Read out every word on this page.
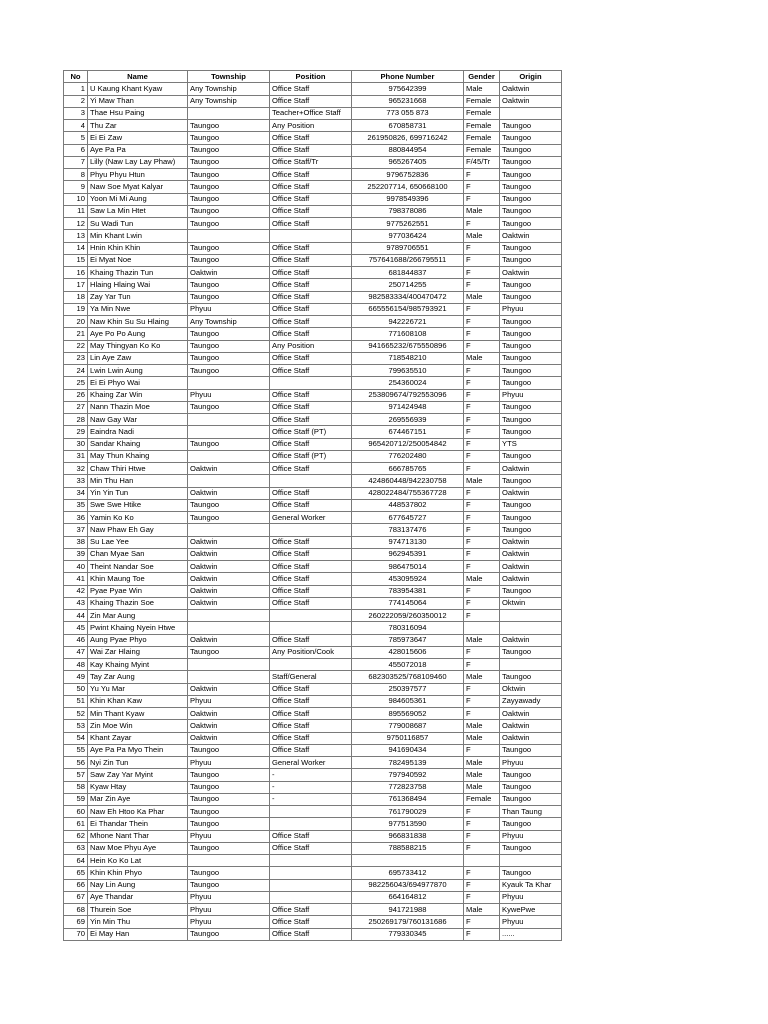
No	Name	Township	Position	Phone Number	Gender	Origin
1	U Kaung Khant Kyaw	Any Township	Office Staff	975642399	Male	Oaktwin
2	Yi Maw Than	Any Township	Office Staff	965231668	Female	Oaktwin
3	Thae Hsu Paing		Teacher+Office Staff	773 055 873	Female	
4	Thu Zar	Taungoo	Any Position	670858731	Female	Taungoo
5	Ei Ei Zaw	Taungoo	Office Staff	261950826, 699716242	Female	Taungoo
6	Aye Pa Pa	Taungoo	Office Staff	880844954	Female	Taungoo
7	Lilly (Naw Lay Lay Phaw)	Taungoo	Office Staff/Tr	965267405	F/45/Tr	Taungoo
8	Phyu Phyu Htun	Taungoo	Office Staff	9796752836	F	Taungoo
9	Naw Soe Myat Kalyar	Taungoo	Office Staff	252207714, 650668100	F	Taungoo
10	Yoon Mi Mi Aung	Taungoo	Office Staff	9978549396	F	Taungoo
11	Saw La Min Htet	Taungoo	Office Staff	798378086	Male	Taungoo
12	Su Wadi Tun	Taungoo	Office Staff	9775262551	F	Taungoo
13	Min Khant Lwin			977036424	Male	Oaktwin
14	Hnin Khin Khin	Taungoo	Office Staff	9789706551	F	Taungoo
15	Ei Myat Noe	Taungoo	Office Staff	757641688/266795511	F	Taungoo
16	Khaing Thazin Tun	Oaktwin	Office Staff	681844837	F	Oaktwin
17	Hlaing Hlaing Wai	Taungoo	Office Staff	250714255	F	Taungoo
18	Zay Yar Tun	Taungoo	Office Staff	982583334/400470472	Male	Taungoo
19	Ya Min Nwe	Phyuu	Office Staff	665556154/985793921	F	Phyuu
20	Naw Khin Su Su Hlaing	Any Township	Office Staff	942226721	F	Taungoo
21	Aye Po Po Aung	Taungoo	Office Staff	771608108	F	Taungoo
22	May Thingyan Ko Ko	Taungoo	Any Position	941665232/675550896	F	Taungoo
23	Lin Aye Zaw	Taungoo	Office Staff	718548210	Male	Taungoo
24	Lwin Lwin Aung	Taungoo	Office Staff	799635510	F	Taungoo
25	Ei Ei Phyo Wai			254360024	F	Taungoo
26	Khaing Zar Win	Phyuu	Office Staff	253809674/792553096	F	Phyuu
27	Nann Thazin Moe	Taungoo	Office Staff	971424948	F	Taungoo
28	Naw Gay War		Office Staff	269556939	F	Taungoo
29	Eaindra Nadi		Office Staff (PT)	674467151	F	Taungoo
30	Sandar Khaing	Taungoo	Office Staff	965420712/250054842	F	YTS
31	May Thun Khaing		Office Staff (PT)	776202480	F	Taungoo
32	Chaw Thiri Htwe	Oaktwin	Office Staff	666785765	F	Oaktwin
33	Min Thu Han			424860448/942230758	Male	Taungoo
34	Yin Yin Tun	Oaktwin	Office Staff	428022484/755367728	F	Oaktwin
35	Swe Swe Htike	Taungoo	Office Staff	448537802	F	Taungoo
36	Yamin Ko Ko	Taungoo	General Worker	677645727	F	Taungoo
37	Naw Phaw Eh Gay			783137476	F	Taungoo
38	Su Lae Yee	Oaktwin	Office Staff	974713130	F	Oaktwin
39	Chan Myae San	Oaktwin	Office Staff	962945391	F	Oaktwin
40	Theint Nandar Soe	Oaktwin	Office Staff	986475014	F	Oaktwin
41	Khin Maung Toe	Oaktwin	Office Staff	453095924	Male	Oaktwin
42	Pyae Pyae Win	Oaktwin	Office Staff	783954381	F	Taungoo
43	Khaing Thazin Soe	Oaktwin	Office Staff	774145064	F	Oktwin
44	Zin Mar Aung			260222059/260350012	F	
45	Pwint Khaing Nyein Htwe			780316094		
46	Aung Pyae Phyo	Oaktwin	Office Staff	785973647	Male	Oaktwin
47	Wai Zar Hlaing	Taungoo	Any Position/Cook	428015606	F	Taungoo
48	Kay Khaing Myint			455072018	F	
49	Tay Zar Aung		Staff/General	682303525/768109460	Male	Taungoo
50	Yu Yu Mar	Oaktwin	Office Staff	250397577	F	Oktwin
51	Khin Khan Kaw	Phyuu	Office Staff	984605361	F	Zayyawady
52	Min Thant Kyaw	Oaktwin	Office Staff	895569052	F	Oaktwin
53	Zin Moe Win	Oaktwin	Office Staff	779008687	Male	Oaktwin
54	Khant Zayar	Oaktwin	Office Staff	9750116857	Male	Oaktwin
55	Aye Pa Pa Myo Thein	Taungoo	Office Staff	941690434	F	Taungoo
56	Nyi Zin Tun	Phyuu	General Worker	782495139	Male	Phyuu
57	Saw Zay Yar Myint	Taungoo	-	797940592	Male	Taungoo
58	Kyaw Htay	Taungoo	-	772823758	Male	Taungoo
59	Mar Zin Aye	Taungoo	-	761368494	Female	Taungoo
60	Naw Eh Htoo Ka Phar	Taungoo		761790029	F	Than Taung
61	Ei Thandar Thein	Taungoo		977513590	F	Taungoo
62	Mhone Nant Thar	Phyuu	Office Staff	966831838	F	Phyuu
63	Naw Moe Phyu Aye	Taungoo	Office Staff	788588215	F	Taungoo
64	Hein Ko Ko Lat					
65	Khin Khin Phyo	Taungoo		695733412	F	Taungoo
66	Nay Lin Aung	Taungoo		982256043/694977870	F	Kyauk Ta Khar
67	Aye Thandar	Phyuu		664164812	F	Phyuu
68	Thurein Soe	Phyuu	Office Staff	941721988	Male	KywePwe
69	Yin Min Thu	Phyuu	Office Staff	250269179/760131686	F	Phyuu
70	Ei May Han	Taungoo	Office Staff	779330345	F	......
